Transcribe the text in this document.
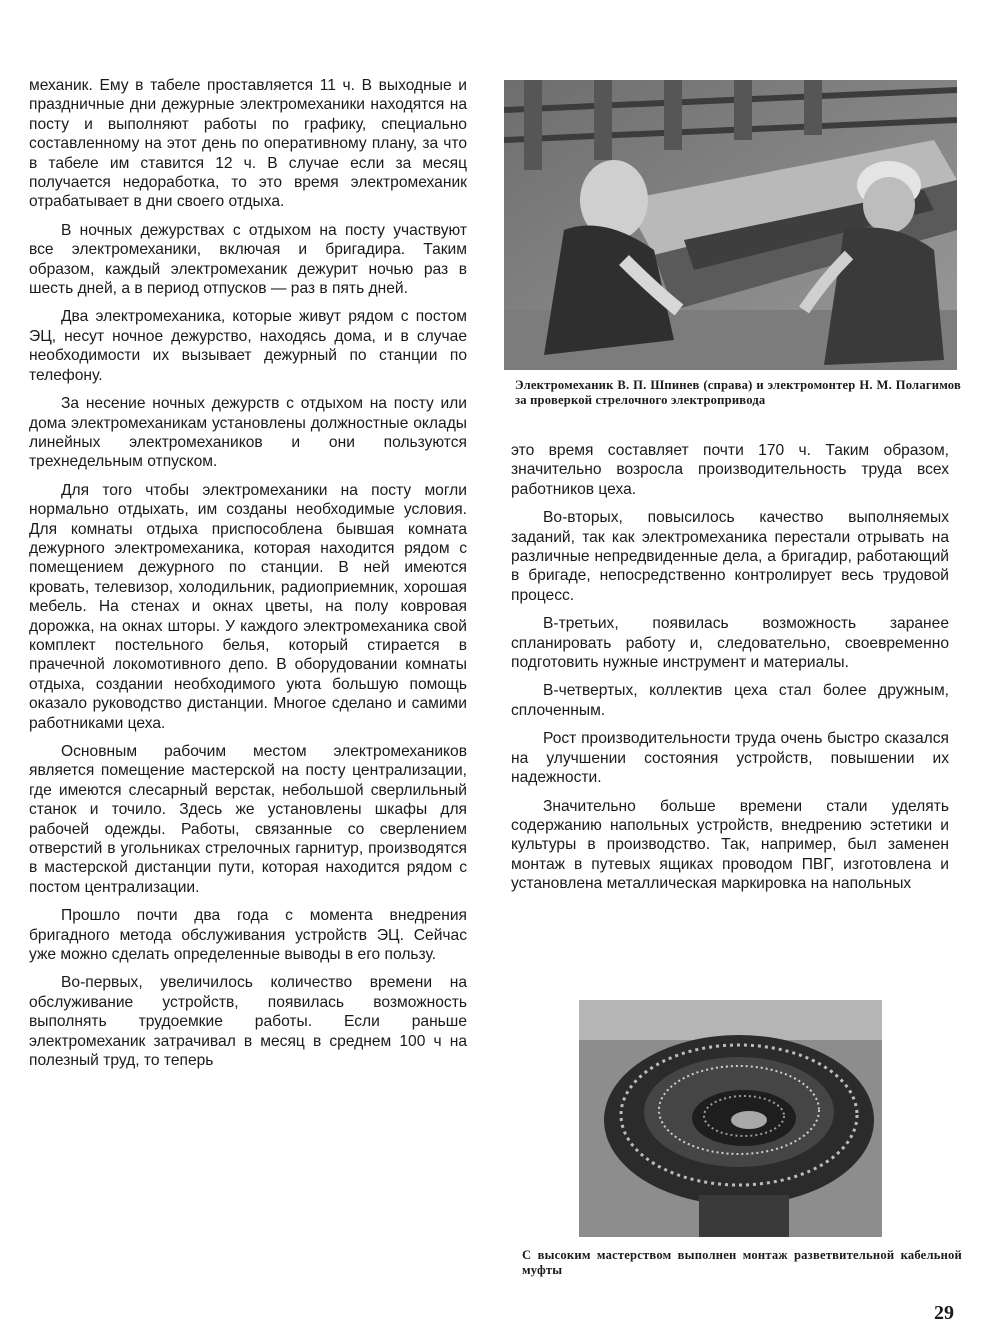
механик. Ему в табеле проставляется 11 ч. В выходные и праздничные дни дежурные электромеханики находятся на посту и выполняют работы по графику, специально составленному на этот день по оперативному плану, за что в табеле им ставится 12 ч. В случае если за месяц получается недоработка, то это время электромеханик отрабатывает в дни своего отдыха.

В ночных дежурствах с отдыхом на посту участвуют все электромеханики, включая и бригадира. Таким образом, каждый электромеханик дежурит ночью раз в шесть дней, а в период отпусков — раз в пять дней.

Два электромеханика, которые живут рядом с постом ЭЦ, несут ночное дежурство, находясь дома, и в случае необходимости их вызывает дежурный по станции по телефону.

За несение ночных дежурств с отдыхом на посту или дома электромеханикам установлены должностные оклады линейных электромехаников и они пользуются трехнедельным отпуском.

Для того чтобы электромеханики на посту могли нормально отдыхать, им созданы необходимые условия. Для комнаты отдыха приспособлена бывшая комната дежурного электромеханика, которая находится рядом с помещением дежурного по станции. В ней имеются кровать, телевизор, холодильник, радиоприемник, хорошая мебель. На стенах и окнах цветы, на полу ковровая дорожка, на окнах шторы. У каждого электромеханика свой комплект постельного белья, который стирается в прачечной локомотивного депо. В оборудовании комнаты отдыха, создании необходимого уюта большую помощь оказало руководство дистанции. Многое сделано и самими работниками цеха.

Основным рабочим местом электромехаников является помещение мастерской на посту централизации, где имеются слесарный верстак, небольшой сверлильный станок и точило. Здесь же установлены шкафы для рабочей одежды. Работы, связанные со сверлением отверстий в угольниках стрелочных гарнитур, производятся в мастерской дистанции пути, которая находится рядом с постом централизации.

Прошло почти два года с момента внедрения бригадного метода обслуживания устройств ЭЦ. Сейчас уже можно сделать определенные выводы в его пользу.

Во-первых, увеличилось количество времени на обслуживание устройств, появилась возможность выполнять трудоемкие работы. Если раньше электромеханик затрачивал в месяц в среднем 100 ч на полезный труд, то теперь

Электромеханик В. П. Шпинев (справа) и электромонтер Н. М. Полагимов за проверкой стрелочного электропривода

это время составляет почти 170 ч. Таким образом, значительно возросла производительность труда всех работников цеха.

Во-вторых, повысилось качество выполняемых заданий, так как электромеханика перестали отрывать на различные непредвиденные дела, а бригадир, работающий в бригаде, непосредственно контролирует весь трудовой процесс.

В-третьих, появилась возможность заранее спланировать работу и, следовательно, своевременно подготовить нужные инструмент и материалы.

В-четвертых, коллектив цеха стал более дружным, сплоченным.

Рост производительности труда очень быстро сказался на улучшении состояния устройств, повышении их надежности.

Значительно больше времени стали уделять содержанию напольных устройств, внедрению эстетики и культуры в производство. Так, например, был заменен монтаж в путевых ящиках проводом ПВГ, изготовлена и установлена металлическая маркировка на напольных

С высоким мастерством выполнен монтаж разветвительной кабельной муфты
29
